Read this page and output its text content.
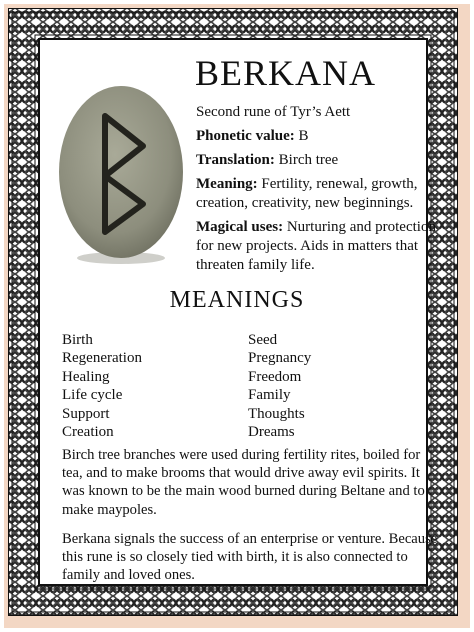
BERKANA

Second rune of Tyr’s Aett

Phonetic value: B

Translation: Birch tree

Meaning: Fertility, renewal, growth, creation, creativity, new beginnings.

Magical uses: Nurturing and protection for new projects. Aids in matters that threaten family life.

MEANINGS
Birth
Regeneration
Healing
Life cycle
Support
Creation
Seed
Pregnancy
Freedom
Family
Thoughts
Dreams

Birch tree branches were used during fertility rites, boiled for tea, and to make brooms that would drive away evil spirits. It was known to be the main wood burned during Beltane and to make maypoles.

Berkana signals the success of an enterprise or venture. Because this rune is so closely tied with birth, it is also connected to family and loved ones.
